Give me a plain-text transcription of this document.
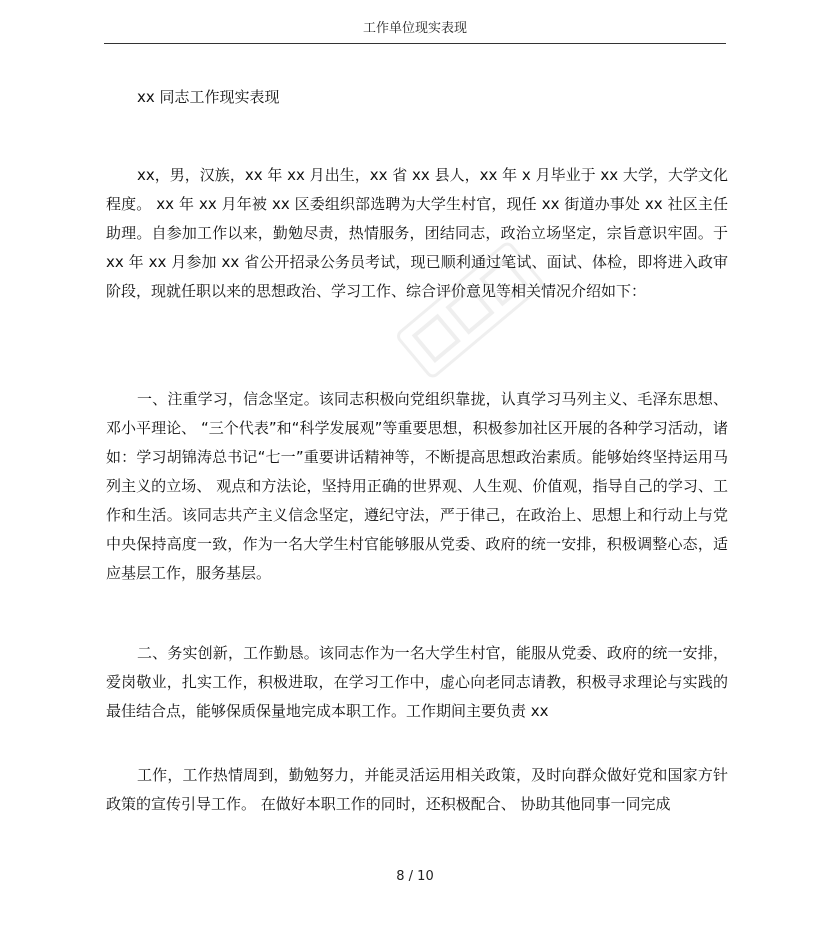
工作单位现实表现
xx 同志工作现实表现

xx，男，汉族，xx 年 xx 月出生，xx 省 xx 县人，xx 年 x 月毕业于 xx 大学，大学文化程度。 xx 年 xx 月年被 xx 区委组织部选聘为大学生村官，现任 xx 街道办事处 xx 社区主任助理。自参加工作以来，勤勉尽责，热情服务，团结同志，政治立场坚定，宗旨意识牢固。于 xx 年 xx 月参加 xx 省公开招录公务员考试，现已顺利通过笔试、面试、体检，即将进入政审阶段，现就任职以来的思想政治、学习工作、综合评价意见等相关情况介绍如下：

一、注重学习，信念坚定。该同志积极向党组织靠拢，认真学习马列主义、毛泽东思想、 邓小平理论、 “三个代表”和“科学发展观”等重要思想，积极参加社区开展的各种学习活动，诸如：学习胡锦涛总书记“七一”重要讲话精神等，不断提高思想政治素质。能够始终坚持运用马列主义的立场、 观点和方法论，坚持用正确的世界观、人生观、价值观，指导自己的学习、工作和生活。该同志共产主义信念坚定，遵纪守法，严于律己，在政治上、思想上和行动上与党中央保持高度一致，作为一名大学生村官能够服从党委、政府的统一安排，积极调整心态，适应基层工作，服务基层。

二、务实创新，工作勤恳。该同志作为一名大学生村官，能服从党委、政府的统一安排，爱岗敬业，扎实工作，积极进取，在学习工作中，虚心向老同志请教，积极寻求理论与实践的最佳结合点，能够保质保量地完成本职工作。工作期间主要负责 xx

工作，工作热情周到，勤勉努力，并能灵活运用相关政策，及时向群众做好党和国家方针政策的宣传引导工作。 在做好本职工作的同时，还积极配合、 协助其他同事一同完成

8 / 10
